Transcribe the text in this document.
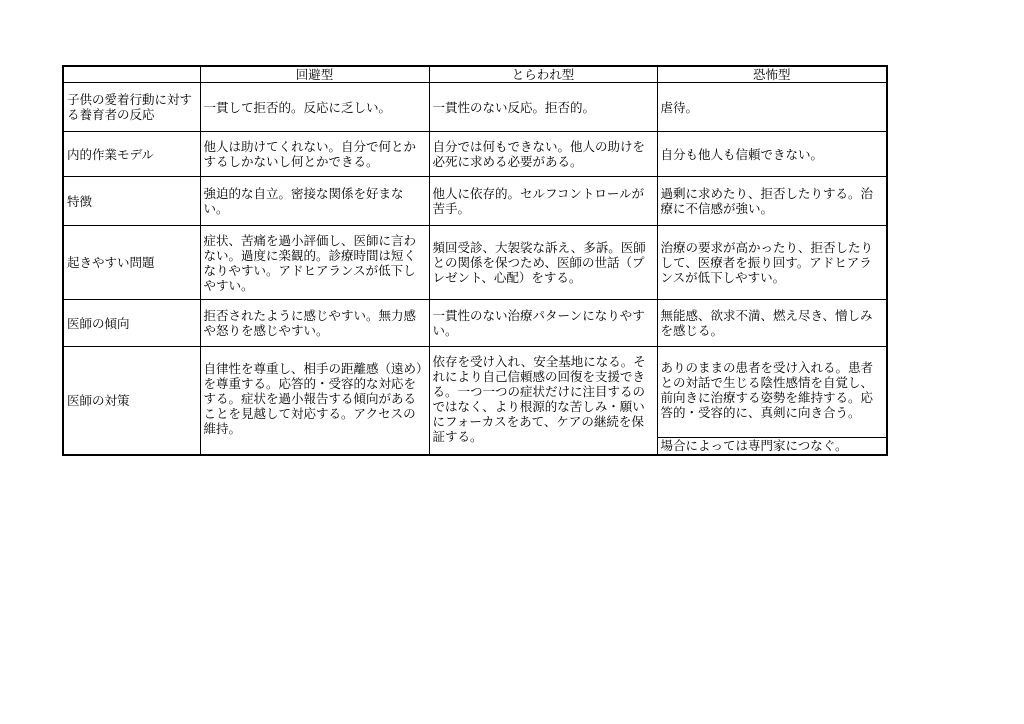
	回避型	とらわれ型	恐怖型
子供の愛着行動に対する養育者の反応	一貫して拒否的。反応に乏しい。	一貫性のない反応。拒否的。	虐待。
内的作業モデル	他人は助けてくれない。自分で何とかするしかないし何とかできる。	自分では何もできない。他人の助けを必死に求める必要がある。	自分も他人も信頼できない。
特徴	強迫的な自立。密接な関係を好まない。	他人に依存的。セルフコントロールが苦手。	過剰に求めたり、拒否したりする。治療に不信感が強い。
起きやすい問題	症状、苦痛を過小評価し、医師に言わない。過度に楽観的。診療時間は短くなりやすい。アドヒアランスが低下しやすい。	頻回受診、大袈裟な訴え、多訴。医師との関係を保つため、医師の世話（プレゼント、心配）をする。	治療の要求が高かったり、拒否したりして、医療者を振り回す。アドヒアランスが低下しやすい。
医師の傾向	拒否されたように感じやすい。無力感や怒りを感じやすい。	一貫性のない治療パターンになりやすい。	無能感、欲求不満、燃え尽き、憎しみを感じる。
医師の対策	自律性を尊重し、相手の距離感（遠め）を尊重する。応答的・受容的な対応をする。症状を過小報告する傾向があることを見越して対応する。アクセスの維持。	依存を受け入れ、安全基地になる。それにより自己信頼感の回復を支援できる。一つ一つの症状だけに注目するのではなく、より根源的な苦しみ・願いにフォーカスをあて、ケアの継続を保証する。	ありのままの患者を受け入れる。患者との対話で生じる陰性感情を自覚し、前向きに治療する姿勢を維持する。応答的・受容的に、真剣に向き合う。
場合によっては専門家につなぐ。
